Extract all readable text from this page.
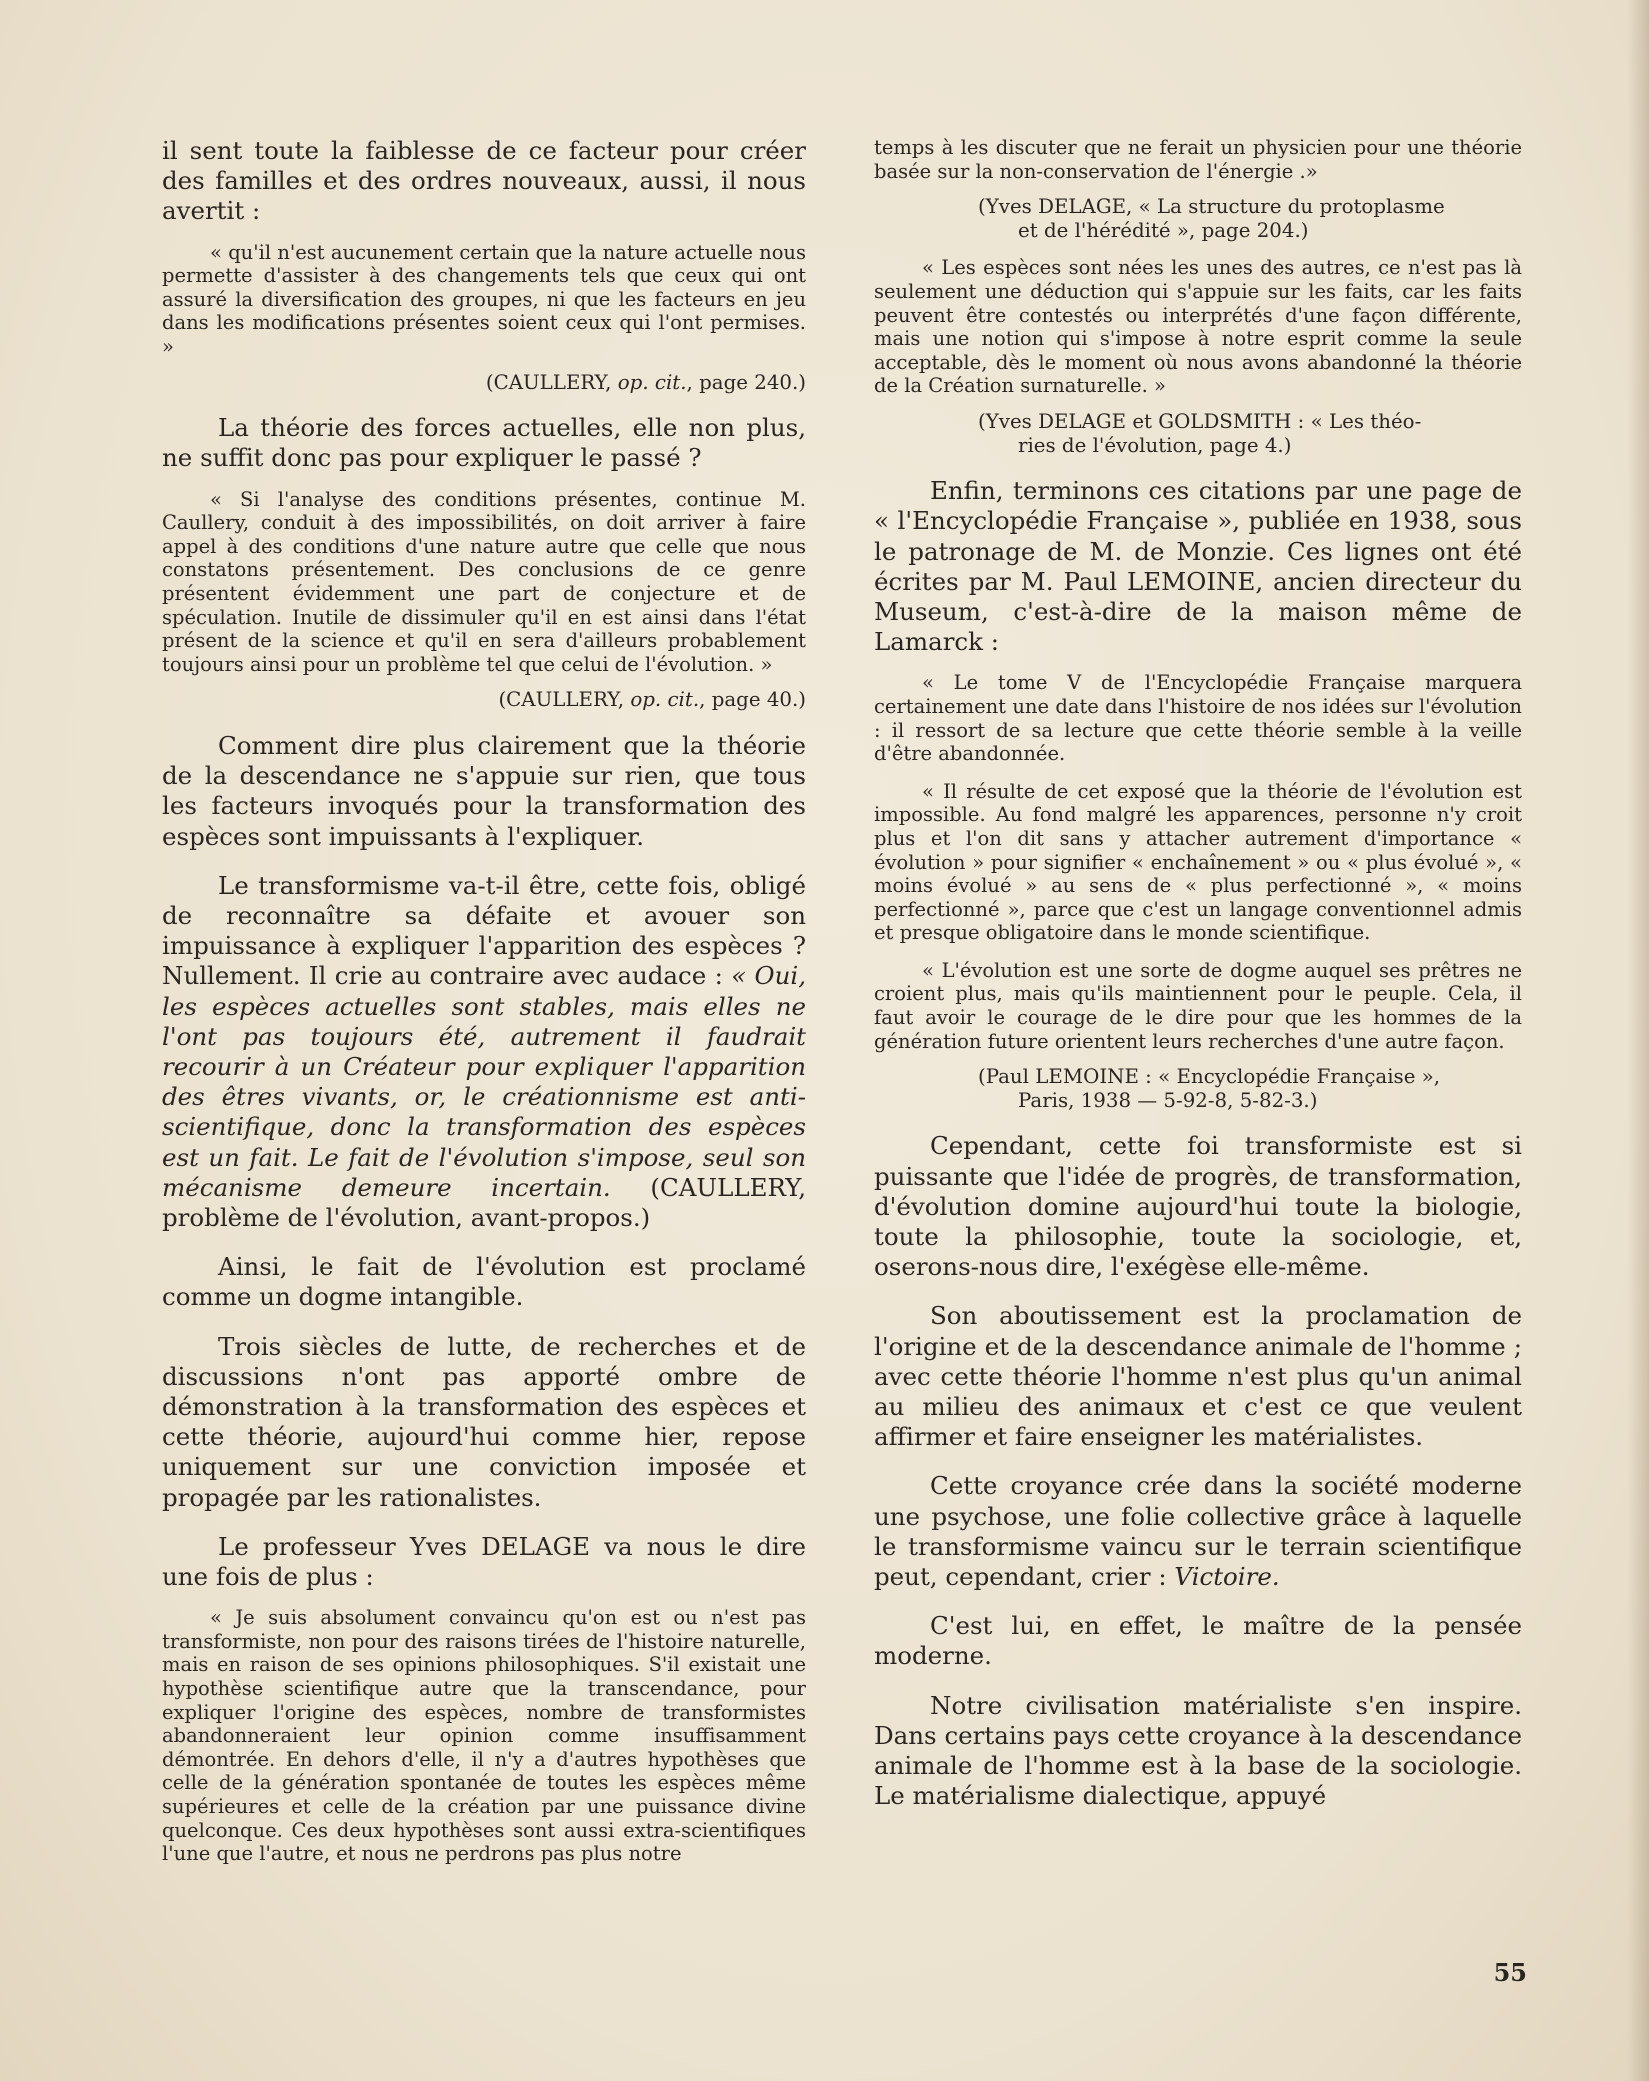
il sent toute la faiblesse de ce facteur pour créer des familles et des ordres nouveaux, aussi, il nous avertit :

« qu'il n'est aucunement certain que la nature actuelle nous permette d'assister à des changements tels que ceux qui ont assuré la diversification des groupes, ni que les facteurs en jeu dans les modifications présentes soient ceux qui l'ont permises. »

(CAULLERY, op. cit., page 240.)

La théorie des forces actuelles, elle non plus, ne suffit donc pas pour expliquer le passé ?

« Si l'analyse des conditions présentes, continue M. Caullery, conduit à des impossibilités, on doit arriver à faire appel à des conditions d'une nature autre que celle que nous constatons présentement. Des conclusions de ce genre présentent évidemment une part de conjecture et de spéculation. Inutile de dissimuler qu'il en est ainsi dans l'état présent de la science et qu'il en sera d'ailleurs probablement toujours ainsi pour un problème tel que celui de l'évolution. »

(CAULLERY, op. cit., page 40.)

Comment dire plus clairement que la théorie de la descendance ne s'appuie sur rien, que tous les facteurs invoqués pour la transformation des espèces sont impuissants à l'expliquer.

Le transformisme va-t-il être, cette fois, obligé de reconnaître sa défaite et avouer son impuissance à expliquer l'apparition des espèces ? Nullement. Il crie au contraire avec audace : « Oui, les espèces actuelles sont stables, mais elles ne l'ont pas toujours été, autrement il faudrait recourir à un Créateur pour expliquer l'apparition des êtres vivants, or, le créationnisme est anti-scientifique, donc la transformation des espèces est un fait. Le fait de l'évolution s'impose, seul son mécanisme demeure incertain. (CAULLERY, problème de l'évolution, avant-propos.)

Ainsi, le fait de l'évolution est proclamé comme un dogme intangible.

Trois siècles de lutte, de recherches et de discussions n'ont pas apporté ombre de démonstration à la transformation des espèces et cette théorie, aujourd'hui comme hier, repose uniquement sur une conviction imposée et propagée par les rationalistes.

Le professeur Yves DELAGE va nous le dire une fois de plus :

« Je suis absolument convaincu qu'on est ou n'est pas transformiste, non pour des raisons tirées de l'histoire naturelle, mais en raison de ses opinions philosophiques. S'il existait une hypothèse scientifique autre que la transcendance, pour expliquer l'origine des espèces, nombre de transformistes abandonneraient leur opinion comme insuffisamment démontrée. En dehors d'elle, il n'y a d'autres hypothèses que celle de la génération spontanée de toutes les espèces même supérieures et celle de la création par une puissance divine quelconque. Ces deux hypothèses sont aussi extra-scientifiques l'une que l'autre, et nous ne perdrons pas plus notre

temps à les discuter que ne ferait un physicien pour une théorie basée sur la non-conservation de l'énergie .»

(Yves DELAGE, « La structure du protoplasme
et de l'hérédité », page 204.)

« Les espèces sont nées les unes des autres, ce n'est pas là seulement une déduction qui s'appuie sur les faits, car les faits peuvent être contestés ou interprétés d'une façon différente, mais une notion qui s'impose à notre esprit comme la seule acceptable, dès le moment où nous avons abandonné la théorie de la Création surnaturelle. »

(Yves DELAGE et GOLDSMITH : « Les théo-
ries de l'évolution, page 4.)

Enfin, terminons ces citations par une page de « l'Encyclopédie Française », publiée en 1938, sous le patronage de M. de Monzie. Ces lignes ont été écrites par M. Paul LEMOINE, ancien directeur du Museum, c'est-à-dire de la maison même de Lamarck :

« Le tome V de l'Encyclopédie Française marquera certainement une date dans l'histoire de nos idées sur l'évolution : il ressort de sa lecture que cette théorie semble à la veille d'être abandonnée.

« Il résulte de cet exposé que la théorie de l'évolution est impossible. Au fond malgré les apparences, personne n'y croit plus et l'on dit sans y attacher autrement d'importance « évolution » pour signifier « enchaînement » ou « plus évolué », « moins évolué » au sens de « plus perfectionné », « moins perfectionné », parce que c'est un langage conventionnel admis et presque obligatoire dans le monde scientifique.

« L'évolution est une sorte de dogme auquel ses prêtres ne croient plus, mais qu'ils maintiennent pour le peuple. Cela, il faut avoir le courage de le dire pour que les hommes de la génération future orientent leurs recherches d'une autre façon.

(Paul LEMOINE : « Encyclopédie Française »,
Paris, 1938 — 5-92-8, 5-82-3.)

Cependant, cette foi transformiste est si puissante que l'idée de progrès, de transformation, d'évolution domine aujourd'hui toute la biologie, toute la philosophie, toute la sociologie, et, oserons-nous dire, l'exégèse elle-même.

Son aboutissement est la proclamation de l'origine et de la descendance animale de l'homme ; avec cette théorie l'homme n'est plus qu'un animal au milieu des animaux et c'est ce que veulent affirmer et faire enseigner les matérialistes.

Cette croyance crée dans la société moderne une psychose, une folie collective grâce à laquelle le transformisme vaincu sur le terrain scientifique peut, cependant, crier : Victoire.

C'est lui, en effet, le maître de la pensée moderne.

Notre civilisation matérialiste s'en inspire. Dans certains pays cette croyance à la descendance animale de l'homme est à la base de la sociologie. Le matérialisme dialectique, appuyé

55
